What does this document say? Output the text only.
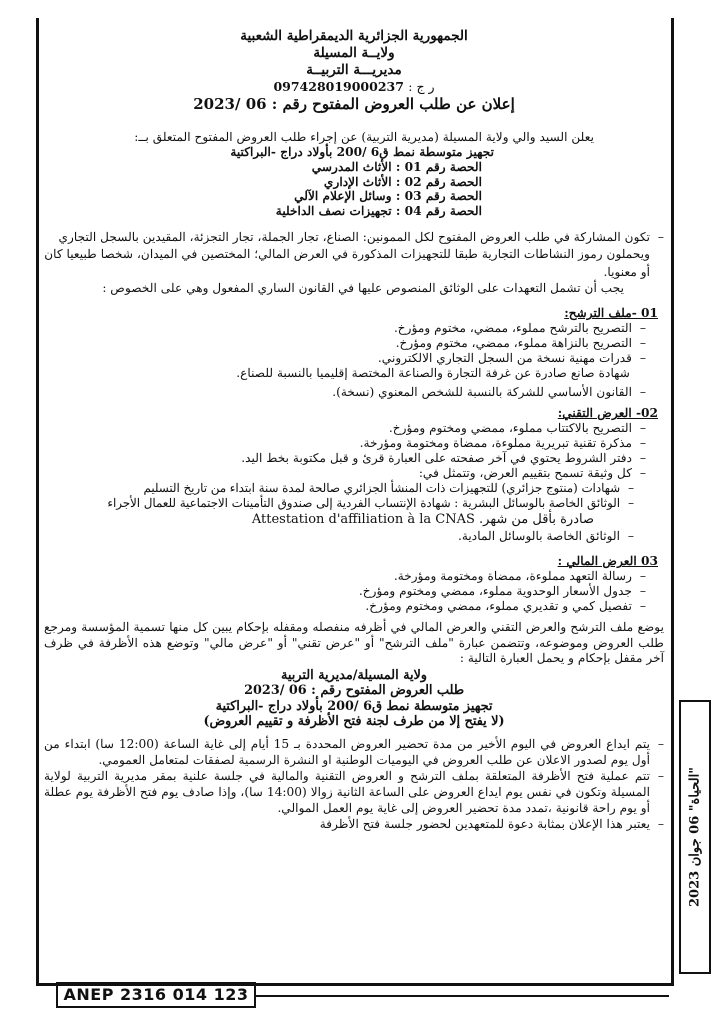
الجمهورية الجزائرية الديمقراطية الشعبية
ولايــة المسيلة
مديريـــة التربيــة
ر ج : 097428019000237
إعلان عن طلب العروض المفتوح رقم : 06 /2023
يعلن السيد والي ولاية المسيلة (مديرية التربية) عن إجراء طلب العروض المفتوح المتعلق بــ:
تجهيز متوسطة نمط ق6 /200 بأولاد دراج -البراكتية
الحصة رقم 01 : الأثاث المدرسي
الحصة رقم 02 : الأثاث الإداري
الحصة رقم 03 : وسائل الإعلام الآلي
الحصة رقم 04 : تجهيزات نصف الداخلية
– تكون المشاركة في طلب العروض المفتوح لكل الممونين: الصناع، تجار الجملة، تجار التجزئة، المقيدين بالسجل التجاري ويحملون رموز النشاطات التجارية طبقا للتجهيزات المذكورة في العرض المالي؛ المختصين في الميدان، شخصا طبيعيا كان أو معنويا.
يجب أن تشمل التعهدات على الوثائق المنصوص عليها في القانون الساري المفعول وهي على الخصوص :
01 -ملف الترشح:
– التصريح بالترشح مملوء، ممضي، مختوم ومؤرخ.
– التصريح بالنزاهة مملوء، ممضي، مختوم ومؤرخ.
– قدرات مهنية نسخة من السجل التجاري الالكتروني.
شهادة صانع صادرة عن غرفة التجارة والصناعة المختصة إقليميا بالنسبة للصناع.
– القانون الأساسي للشركة بالنسبة للشخص المعنوي (نسخة).
02- العرض التقني:
– التصريح بالاكتتاب مملوء، ممضي ومختوم ومؤرخ.
– مذكرة تقنية تبريرية مملوءة، ممضاة ومختومة ومؤرخة.
– دفتر الشروط يحتوي في آخر صفحته على العبارة قرئ و قبل مكتوبة بخط اليد.
– كل وثيقة تسمح بتقييم العرض، وتتمثل في:
– شهادات (منتوج جزائري) للتجهيزات ذات المنشأ الجزائري صالحة لمدة سنة ابتداء من تاريخ التسليم
– الوثائق الخاصة بالوسائل البشرية : شهادة الإنتساب الفردية إلى صندوق التأمينات الاجتماعية للعمال الأجراء
صادرة بأقل من شهر. Attestation d'affiliation à la CNAS
– الوثائق الخاصة بالوسائل المادية.
03 العرض المالي :
– رسالة التعهد مملوءة، ممضاة ومختومة ومؤرخة.
– جدول الأسعار الوحدوية مملوء، ممضي ومختوم ومؤرخ.
– تفصيل كمي و تقديري مملوء، ممضي ومختوم ومؤرخ.
يوضع ملف الترشح والعرض التقني والعرض المالي في أظرفه منفصله ومقفله بإحكام يبين كل منها تسمية المؤسسة ومرجع طلب العروض وموضوعه، وتتضمن عبارة "ملف الترشح" أو "عرض تقني" أو "عرض مالي" وتوضع هذه الأظرفة في ظرف آخر مقفل بإحكام و يحمل العبارة التالية :
ولاية المسيلة/مديرية التربية
طلب العروض المفتوح رقم : 06 /2023
تجهيز متوسطة نمط ق6 /200 بأولاد دراج -البراكتية
(لا يفتح إلا من طرف لجنة فتح الأظرفة و تقييم العروض)
– يتم ايداع العروض في اليوم الأخير من مدة تحضير العروض المحددة بـ 15 أيام إلى غاية الساعة (12:00 سا) ابتداء من أول يوم لصدور الاعلان عن طلب العروض في اليوميات الوطنية او النشرة الرسمية لصفقات لمتعامل العمومي.
– تتم عملية فتح الأظرفة المتعلقة بملف الترشح و العروض التقنية والمالية في جلسة علنية بمقر مديرية التربية لولاية المسيلة وتكون في نفس يوم ايداع العروض على الساعة الثانية زوالا (14:00 سا)، وإذا صادف يوم فتح الأظرفة يوم عطلة أو يوم راحة قانونية ،تمدد مدة تحضير العروض إلى غاية يوم العمل الموالي.
– يعتبر هذا الإعلان بمثابة دعوة للمتعهدين لحضور جلسة فتح الأظرفة
"الحياة" 06 جوان 2023
ANEP 2316 014 123
